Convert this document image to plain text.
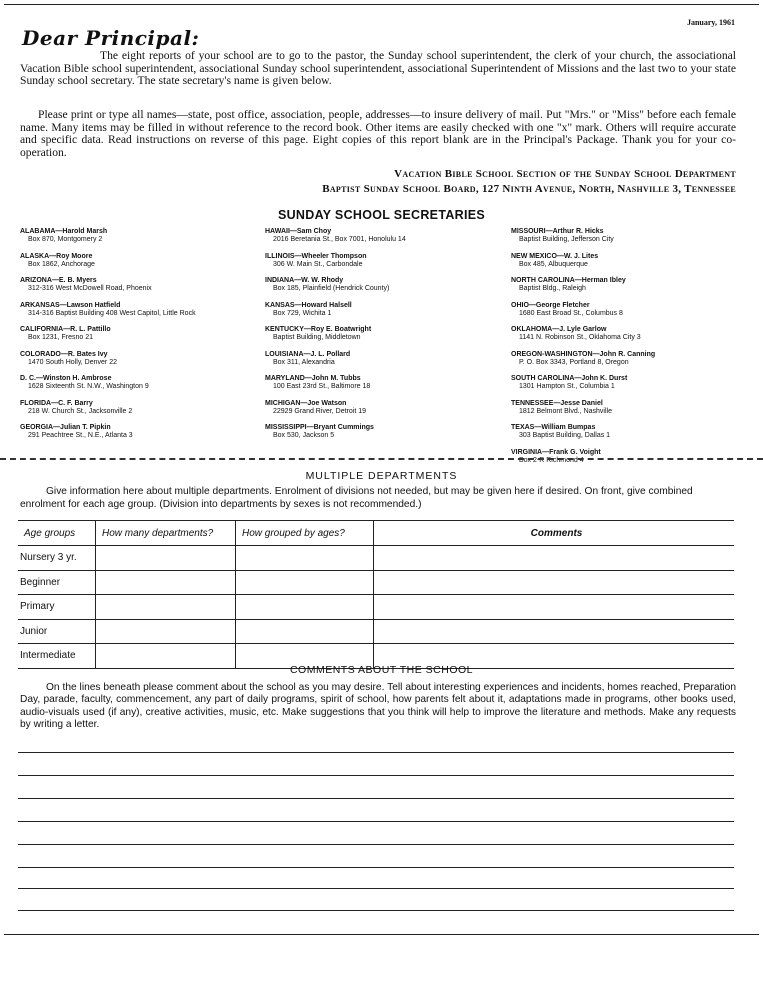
January, 1961
Dear Principal:
The eight reports of your school are to go to the pastor, the Sunday school superintendent, the clerk of your church, the associational Vacation Bible school superintendent, associational Sunday school superintendent, associational Superintendent of Missions and the last two to your state Sunday school secretary. The state secretary's name is given below.
Please print or type all names—state, post office, association, people, addresses—to insure delivery of mail. Put "Mrs." or "Miss" before each female name. Many items may be filled in without reference to the record book. Other items are easily checked with one "x" mark. Others will require accurate and specific data. Read instructions on reverse of this page. Eight copies of this report blank are in the Principal's Package. Thank you for your co-operation.
Vacation Bible School Section of the Sunday School Department
Baptist Sunday School Board, 127 Ninth Avenue, North, Nashville 3, Tennessee
SUNDAY SCHOOL SECRETARIES
ALABAMA—Harold Marsh
Box 870, Montgomery 2
ALASKA—Roy Moore
Box 1862, Anchorage
ARIZONA—E. B. Myers
312-316 West McDowell Road, Phoenix
ARKANSAS—Lawson Hatfield
314-316 Baptist Building 408 West Capitol, Little Rock
CALIFORNIA—R. L. Pattillo
Box 1231, Fresno 21
COLORADO—R. Bates Ivy
1470 South Holly, Denver 22
D. C.—Winston H. Ambrose
1628 Sixteenth St. N.W., Washington 9
FLORIDA—C. F. Barry
218 W. Church St., Jacksonville 2
GEORGIA—Julian T. Pipkin
291 Peachtree St., N.E., Atlanta 3
HAWAII—Sam Choy
2016 Beretania St., Box 7001, Honolulu 14
ILLINOIS—Wheeler Thompson
306 W. Main St., Carbondale
INDIANA—W. W. Rhody
Box 185, Plainfield (Hendrick County)
KANSAS—Howard Halsell
Box 729, Wichita 1
KENTUCKY—Roy E. Boatwright
Baptist Building, Middletown
LOUISIANA—J. L. Pollard
Box 311, Alexandria
MARYLAND—John M. Tubbs
100 East 23rd St., Baltimore 18
MICHIGAN—Joe Watson
22929 Grand River, Detroit 19
MISSISSIPPI—Bryant Cummings
Box 530, Jackson 5
MISSOURI—Arthur R. Hicks
Baptist Building, Jefferson City
NEW MEXICO—W. J. Lites
Box 485, Albuquerque
NORTH CAROLINA—Herman Ibley
Baptist Bldg., Raleigh
OHIO—George Fletcher
1680 East Broad St., Columbus 8
OKLAHOMA—J. Lyle Garlow
1141 N. Robinson St., Oklahoma City 3
OREGON-WASHINGTON—John R. Canning
P. O. Box 3343, Portland 8, Oregon
SOUTH CAROLINA—John K. Durst
1301 Hampton St., Columbia 1
TENNESSEE—Jesse Daniel
1812 Belmont Blvd., Nashville
TEXAS—William Bumpas
303 Baptist Building, Dallas 1
VIRGINIA—Frank G. Voight
Box 2-R Richmond 4
MULTIPLE DEPARTMENTS
Give information here about multiple departments. Enrolment of divisions not needed, but may be given here if desired. On front, give combined enrolment for each age group. (Division into departments by sexes is not recommended.)
Age groups	How many departments?	How grouped by ages?	Comments
Nursery 3 yr.			
Beginner			
Primary			
Junior			
Intermediate			
COMMENTS ABOUT THE SCHOOL
On the lines beneath please comment about the school as you may desire. Tell about interesting experiences and incidents, homes reached, Preparation Day, parade, faculty, commencement, any part of daily programs, spirit of school, how parents felt about it, adaptations made in programs, other books used, audio-visuals used (if any), creative activities, music, etc. Make suggestions that you think will help to improve the literature and methods. Make any requests by writing a letter.
